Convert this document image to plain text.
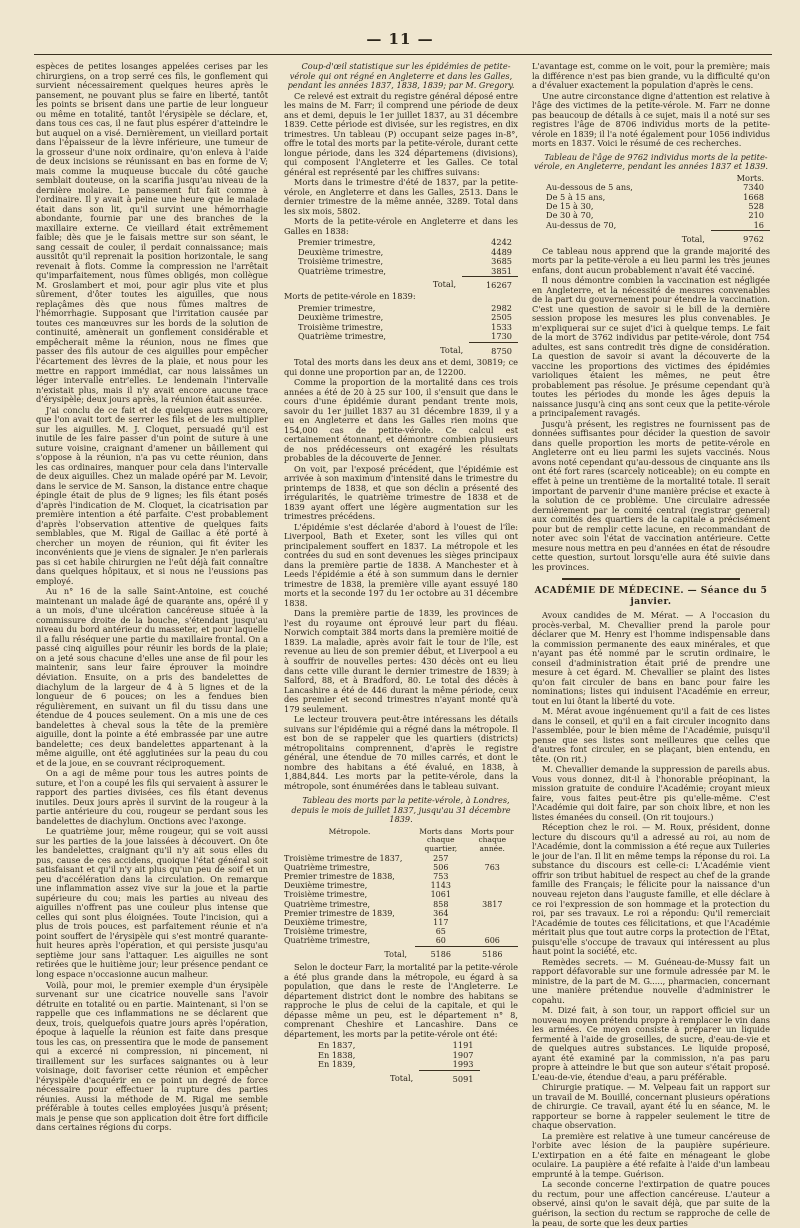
— 11 —

espèces de petites losanges appelées cerises par les chirurgiens, on a trop serré ces fils, le gonflement qui survient nécessairement quelques heures après le pansement, ne pouvant plus se faire en liberté, tantôt les points se brisent dans une partie de leur longueur ou même en totalité, tantôt l'érysipèle se déclare, et, dans tous ces cas, il ne faut plus espérer d'atteindre le but auquel on a visé. Dernièrement, un vieillard portait dans l'épaisseur de la lèvre inférieure, une tumeur de la grosseur d'une noix ordinaire, qu'on enleva à l'aide de deux incisions se réunissant en bas en forme de V; mais comme la muqueuse buccale du côté gauche semblait douteuse, on la scarifia jusqu'au niveau de la dernière molaire. Le pansement fut fait comme à l'ordinaire. Il y avait à peine une heure que le malade était dans son lit, qu'il survint une hémorrhagie abondante, fournie par une des branches de la maxillaire externe. Ce vieillard était extrêmement faible; dès que je le faisais mettre sur son séant, le sang cessait de couler, il perdait connaissance; mais aussitôt qu'il reprenait la position horizontale, le sang revenait à flots. Comme la compression ne l'arrêtait qu'imparfaitement, nous fûmes obligés, mon collègue M. Groslambert et moi, pour agir plus vite et plus sûrement, d'ôter toutes les aiguilles, que nous replaçâmes dès que nous fûmes maîtres de l'hémorrhagie. Supposant que l'irritation causée par toutes ces manœuvres sur les bords de la solution de continuité, amènerait un gonflement considérable et empêcherait même la réunion, nous ne fîmes que passer des fils autour de ces aiguilles pour empêcher l'écartement des lèvres de la plaie, et nous pour les mettre en rapport immédiat, car nous laissâmes un léger intervalle entr'elles. Le lendemain l'intervalle n'existait plus, mais il n'y avait encore aucune trace d'érysipèle; deux jours après, la réunion était assurée.

J'ai conclu de ce fait et de quelques autres encore, que l'on avait tort de serrer les fils et de les multiplier sur les aiguilles. M. J. Cloquet, persuadé qu'il est inutile de les faire passer d'un point de suture à une suture voisine, craignant d'amener un bâillement qui s'oppose à la réunion, n'a pas vu cette réunion, dans les cas ordinaires, manquer pour cela dans l'intervalle de deux aiguilles. Chez un malade opéré par M. Levoir, dans le service de M. Sanson, la distance entre chaque épingle était de plus de 9 lignes; les fils étant posés d'après l'indication de M. Cloquet, la cicatrisation par première intention a été parfaite. C'est probablement d'après l'observation attentive de quelques faits semblables, que M. Rigal de Gaillac a été porté à chercher un moyen de réunion, qui fit éviter les inconvénients que je viens de signaler. Je n'en parlerais pas si cet habile chirurgien ne l'eût déjà fait connaître dans quelques hôpitaux, et si nous ne l'eussions pas employé.

Au n° 16 de la salle Saint-Antoine, est couché maintenant un malade âgé de quarante ans, opéré il y a un mois, d'une ulcération cancéreuse située à la commissure droite de la bouche, s'étendant jusqu'au niveau du bord antérieur du masseter, et pour laquelle il a fallu réséquer une partie du maxillaire frontal. On a passé cinq aiguilles pour réunir les bords de la plaie; on a jeté sous chacune d'elles une anse de fil pour les maintenir, sans leur faire éprouver la moindre déviation. Ensuite, on a pris des bandelettes de diachylum de la largeur de 4 à 5 lignes et de la longueur de 6 pouces; on les a fendues bien régulièrement, en suivant un fil du tissu dans une étendue de 4 pouces seulement. On a mis une de ces bandelettes à cheval sous la tête de la première aiguille, dont la pointe a été embrassée par une autre bandelette; ces deux bandelettes appartenant à la même aiguille, ont été agglutinées sur la peau du cou et de la joue, en se couvrant réciproquement.

On a agi de même pour tous les autres points de suture, et l'on a coupé les fils qui servaient à assurer le rapport des parties divisées, ces fils étant devenus inutiles. Deux jours après il survint de la rougeur à la partie antérieure du cou, rougeur se perdant sous les bandelettes de diachylum. Onctions avec l'axonge.

Le quatrième jour, même rougeur, qui se voit aussi sur les parties de la joue laissées à découvert. On ôte les bandelettes, craignant qu'il n'y ait sous elles du pus, cause de ces accidens, quoique l'état général soit satisfaisant et qu'il n'y ait plus qu'un peu de soif et un peu d'accélération dans la circulation. On remarque une inflammation assez vive sur la joue et la partie supérieure du cou; mais les parties au niveau des aiguilles n'offrent pas une couleur plus intense que celles qui sont plus éloignées. Toute l'incision, qui a plus de trois pouces, est parfaitement réunie et n'a point souffert de l'érysipèle qui s'est montré quarante-huit heures après l'opération, et qui persiste jusqu'au septième jour sans l'attaquer. Les aiguilles ne sont retirées que le huitième jour; leur présence pendant ce long espace n'occasionne aucun malheur.

Voilà, pour moi, le premier exemple d'un érysipèle survenant sur une cicatrice nouvelle sans l'avoir détruite en totalité ou en partie. Maintenant, si l'on se rappelle que ces inflammations ne se déclarent que deux, trois, quelquefois quatre jours après l'opération, époque à laquelle la réunion est faite dans presque tous les cas, on pressentira que le mode de pansement qui a excercé ni compression, ni pincement, ni tiraillement sur les surfaces saignantes ou à leur voisinage, doit favoriser cette réunion et empêcher l'érysipèle d'acquérir en ce point un degré de force nécessaire pour effectuer la rupture des parties réunies. Aussi la méthode de M. Rigal me semble préférable à toutes celles employées jusqu'à présent; mais je pense que son application doit être fort difficile dans certaines régions du corps.

Coup-d'œil statistique sur les épidémies de petite-vérole qui ont régné en Angleterre et dans les Galles, pendant les années 1837, 1838, 1839; par M. Gregory.

Ce relevé est extrait du registre général déposé entre les mains de M. Farr; il comprend une période de deux ans et demi, depuis le 1er juillet 1837, au 31 décembre 1839. Cette période est divisée, sur les registres, en dix trimestres. Un tableau (P) occupant seize pages in-8°, offre le total des morts par la petite-vérole, durant cette longue période, dans les 324 départemens (divisions), qui composent l'Angleterre et les Galles. Ce total général est représenté par les chiffres suivans:

Morts dans le trimestre d'été de 1837, par la petite-vérole, en Angleterre et dans les Galles, 2513. Dans le dernier trimestre de la même année, 3289. Total dans les six mois, 5802.

Morts de la petite-vérole en Angleterre et dans les Galles en 1838:

Premier trimestre,	4242
Deuxième trimestre,	4489
Troisième trimestre,	3685
Quatrième trimestre,	3851
Total,	16267

Morts de petite-vérole en 1839:

Premier trimestre,	2982
Deuxième trimestre,	2505
Troisième trimestre,	1533
Quatrième trimestre,	1730
Total,	8750

Total des morts dans les deux ans et demi, 30819; ce qui donne une proportion par an, de 12200.

Comme la proportion de la mortalité dans ces trois années a été de 20 à 25 sur 100, il s'ensuit que dans le cours d'une épidémie durant pendant trente mois, savoir du 1er juillet 1837 au 31 décembre 1839, il y a eu en Angleterre et dans les Galles rien moins que 154,000 cas de petite-vérole. Ce calcul est certainement étonnant, et démontre combien plusieurs de nos prédécesseurs ont exagéré les résultats probables de la découverte de Jenner.

On voit, par l'exposé précédent, que l'épidémie est arrivée à son maximum d'intensité dans le trimestre du printemps de 1838, et que son déclin a présenté des irrégularités, le quatrième trimestre de 1838 et de 1839 ayant offert une légère augmentation sur les trimestres précédens.

L'épidémie s'est déclarée d'abord à l'ouest de l'île: Liverpool, Bath et Exeter, sont les villes qui ont principalement souffert en 1837. La métropole et les contrées du sud en sont devenues les sièges principaux dans la première partie de 1838. A Manchester et à Leeds l'épidémie a été à son summum dans le dernier trimestre de 1838, la première ville ayant essuyé 180 morts et la seconde 197 du 1er octobre au 31 décembre 1838.

Dans la première partie de 1839, les provinces de l'est du royaume ont éprouvé leur part du fléau. Norwich comptait 384 morts dans la première moitié de 1839. La maladie, après avoir fait le tour de l'île, est revenue au lieu de son premier début, et Liverpool a eu à souffrir de nouvelles pertes: 430 décès ont eu lieu dans cette ville durant le dernier trimestre de 1839; à Salford, 88, et à Bradford, 80. Le total des décès à Lancashire a été de 446 durant la même période, ceux des premier et second trimestres n'ayant monté qu'à 179 seulement.

Le lecteur trouvera peut-être intéressans les détails suivans sur l'épidémie qui a régné dans la métropole. Il est bon de se rappeler que les quartiers (districts) métropolitains comprennent, d'après le registre général, une étendue de 70 milles carrés, et dont le nombre des habitans a été évalué, en 1838, à 1,884,844. Les morts par la petite-vérole, dans la métropole, sont énumérées dans le tableau suivant.

Tableau des morts par la petite-vérole, à Londres, depuis le mois de juillet 1837, jusqu'au 31 décembre 1839.

Métropole.	Morts dans chaque quartier,	Morts pour chaque année.
Troisième trimestre de 1837,	257	
Quatrième trimestre,	506	763
Premier trimestre de 1838,	753	
Deuxième trimestre,	1143	
Troisième trimestre,	1061	
Quatrième trimestre,	858	3817
Premier trimestre de 1839,	364	
Deuxième trimestre,	117	
Troisième trimestre,	65	
Quatrième trimestre,	60	606
Total,	5186	5186

Selon le docteur Farr, la mortalité par la petite-vérole a été plus grande dans la métropole, eu égard à sa population, que dans le reste de l'Angleterre. Le département district dont le nombre des habitans se rapproche le plus de celui de la capitale, et qui le dépasse même un peu, est le département n° 8, comprenant Cheshire et Lancashire. Dans ce département, les morts par la petite-vérole ont été:

En 1837,	1191
En 1838,	1907
En 1839,	1993
Total,	5091

L'avantage est, comme on le voit, pour la première; mais la différence n'est pas bien grande, vu la difficulté qu'on a d'évaluer exactement la population d'après le cens.

Une autre circonstance digne d'attention est relative à l'âge des victimes de la petite-vérole. M. Farr ne donne pas beaucoup de détails à ce sujet, mais il a noté sur ses registres l'âge de 8706 individus morts de la petite-vérole en 1839; il l'a noté également pour 1056 individus morts en 1837. Voici le résumé de ces recherches.

Tableau de l'âge de 9762 individus morts de la petite-vérole, en Angleterre, pendant les années 1837 et 1839.

	Morts.
Au-dessous de 5 ans,	7340
De 5 à 15 ans,	1668
De 15 à 30,	528
De 30 à 70,	210
Au-dessus de 70,	16
Total,	9762

Ce tableau nous apprend que la grande majorité des morts par la petite-vérole a eu lieu parmi les très jeunes enfans, dont aucun probablement n'avait été vacciné.

Il nous démontre combien la vaccination est négligée en Angleterre, et la nécessité de mesures convenables de la part du gouvernement pour étendre la vaccination. C'est une question de savoir si le bill de la dernière session propose les mesures les plus convenables. Je m'expliquerai sur ce sujet d'ici à quelque temps. Le fait de la mort de 3762 individus par petite-vérole, dont 754 adultes, est sans contredit très digne de considération. La question de savoir si avant la découverte de la vaccine les proportions des victimes des épidémies varioliques étaient les mêmes, ne peut être probablement pas résolue. Je présume cependant qu'à toutes les périodes du monde les âges depuis la naissance jusqu'à cinq ans sont ceux que la petite-vérole a principalement ravagés.

Jusqu'à présent, les registres ne fournissent pas de données suffisantes pour décider la question de savoir dans quelle proportion les morts de petite-vérole en Angleterre ont eu lieu parmi les sujets vaccinés. Nous avons noté cependant qu'au-dessous de cinquante ans ils ont été fort rares (scarcely noticeable); on eu compte en effet à peine un trentième de la mortalité totale. Il serait important de parvenir d'une manière précise et exacte à la solution de ce problème. Une circulaire adressée dernièrement par le comité central (registrar general) aux comités des quartiers de la capitale a précisément pour but de remplir cette lacune, en recommandant de noter avec soin l'état de vaccination antérieure. Cette mesure nous mettra en peu d'années en état de résoudre cette question, surtout lorsqu'elle aura été suivie dans les provinces.

ACADÉMIE DE MÉDECINE. — Séance du 5 janvier.

Avoux candides de M. Mérat. — A l'occasion du procès-verbal, M. Chevallier prend la parole pour déclarer que M. Henry est l'homme indispensable dans la commission permanente des eaux minérales, et que n'ayant pas été nommé par le scrutin ordinaire, le conseil d'administration était prié de prendre une mesure à cet égard. M. Chevallier se plaint des listes qu'on fait circuler de bans en banc pour faire les nominations; listes qui induisent l'Académie en erreur, tout en lui ôtant la liberté du vote.

M. Mérat avoue ingénuement qu'il a fait de ces listes dans le conseil, et qu'il en a fait circuler incognito dans l'assemblée, pour le bien même de l'Académie, puisqu'il pense que ses listes sont meilleures que celles que d'autres font circuler, en se plaçant, bien entendu, en tête. (On rit.)

M. Chevallier demande la suppression de pareils abus. Vous vous donnez, dit-il à l'honorable préopinant, la mission gratuite de conduire l'Académie; croyant mieux faire, vous faites peut-être pis qu'elle-même. C'est l'Académie qui doit faire, par son choix libre, et non les listes émanées du conseil. (On rit toujours.)

Réception chez le roi. — M. Roux, président, donne lecture du discours qu'il a adressé au roi, au nom de l'Académie, dont la commission a été reçue aux Tuileries le jour de l'an. Il lit en même temps la réponse du roi. La substance du discours est celle-ci: L'Académie vient offrir son tribut habituel de respect au chef de la grande famille des Français; le félicite pour la naissance d'un nouveau rejeton dans l'auguste famille, et elle déclare à ce roi l'expression de son hommage et la protection du roi, par ses travaux. Le roi a répondu: Qu'il remerciait l'Académie de toutes ces félicitations, et que l'Académie méritait plus que tout autre corps la protection de l'État, puisqu'elle s'occupe de travaux qui intéressent au plus haut point la société, etc.

Remèdes secrets. — M. Guéneau-de-Mussy fait un rapport défavorable sur une formule adressée par M. le ministre, de la part de M. G....., pharmacien, concernant une manière prétendue nouvelle d'administrer le copahu.

M. Dizé fait, à son tour, un rapport officiel sur un nouveau moyen prétendu propre à remplacer le vin dans les armées. Ce moyen consiste à préparer un liquide fermenté à l'aide de groseilles, de sucre, d'eau-de-vie et de quelques autres substances. Le liquide proposé, ayant été examiné par la commission, n'a pas paru propre à atteindre le but que son auteur s'était proposé. L'eau-de-vie, étendue d'eau, a paru préférable.

Chirurgie pratique. — M. Velpeau fait un rapport sur un travail de M. Bouillé, concernant plusieurs opérations de chirurgie. Ce travail, ayant été lu en séance, M. le rapporteur se borne à rappeler seulement le titre de chaque observation.

La première est relative à une tumeur cancéreuse de l'orbite avec lésion de la paupière supérieure. L'extirpation en a été faite en ménageant le globe oculaire. La paupière a été refaite à l'aide d'un lambeau emprunté à la tempe. Guérison.

La seconde concerne l'extirpation de quatre pouces du rectum, pour une affection cancéreuse. L'auteur a observé, ainsi qu'on le savait déjà, que par suite de la guérison, la section du rectum se rapproche de celle de la peau, de sorte que les deux parties
